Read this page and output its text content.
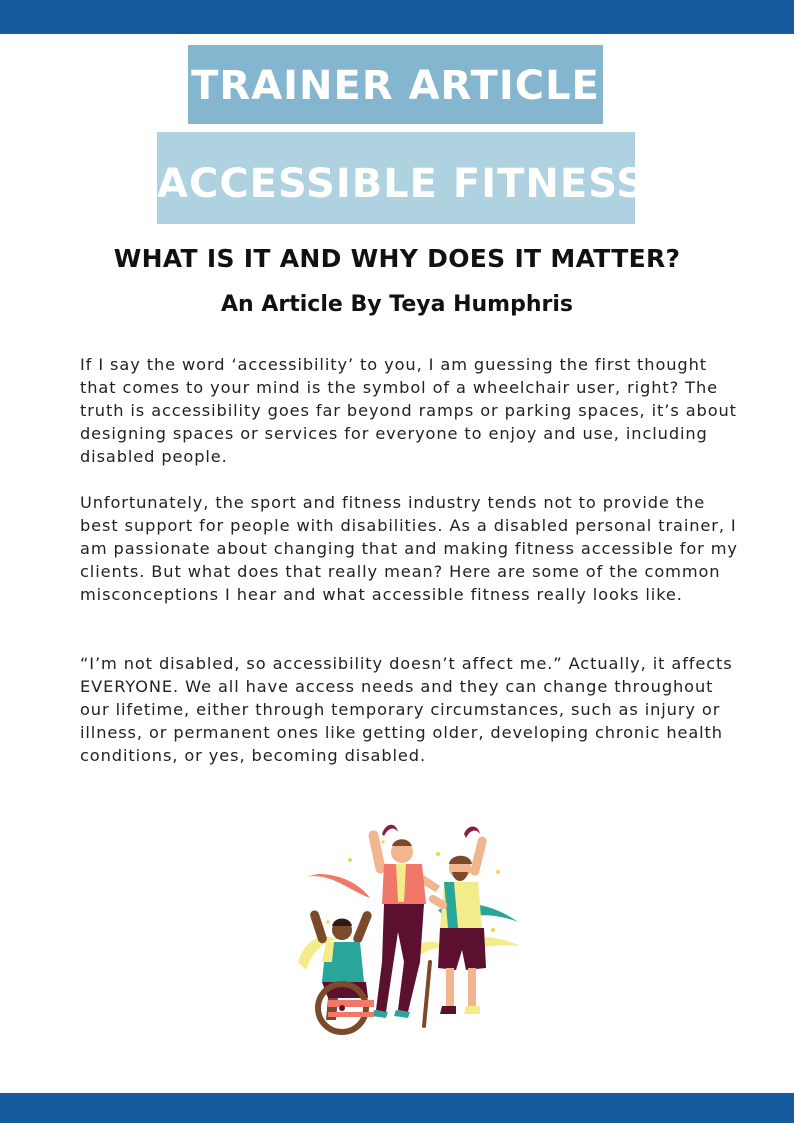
TRAINER ARTICLE
ACCESSIBLE FITNESS
WHAT IS IT AND WHY DOES IT MATTER?
An Article By Teya Humphris

If I say the word ‘accessibility’ to you, I am guessing the first thought that comes to your mind is the symbol of a wheelchair user, right? The truth is accessibility goes far beyond ramps or parking spaces, it’s about designing spaces or services for everyone to enjoy and use, including disabled people.

Unfortunately, the sport and fitness industry tends not to provide the best support for people with disabilities. As a disabled personal trainer, I am passionate about changing that and making fitness accessible for my clients. But what does that really mean? Here are some of the common misconceptions I hear and what accessible fitness really looks like.

“I’m not disabled, so accessibility doesn’t affect me.” Actually, it affects EVERYONE. We all have access needs and they can change throughout our lifetime, either through temporary circumstances, such as injury or illness, or permanent ones like getting older, developing chronic health conditions, or yes, becoming disabled.
